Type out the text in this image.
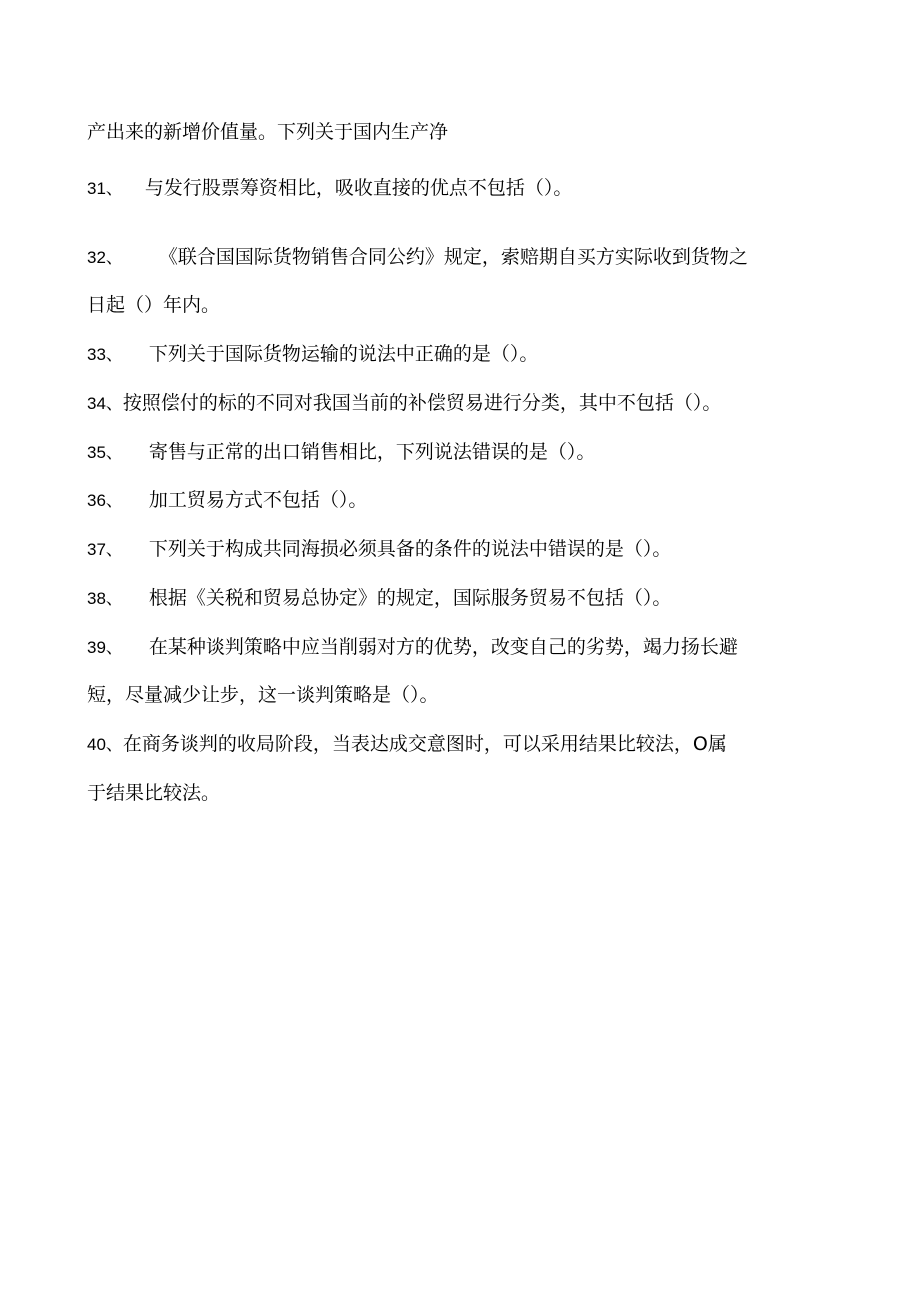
产出来的新增价值量。下列关于国内生产净
31、 与发行股票筹资相比，吸收直接的优点不包括（）。
32、 《联合国国际货物销售合同公约》规定，索赔期自买方实际收到货物之
日起（）年内。
33、 下列关于国际货物运输的说法中正确的是（）。
34、按照偿付的标的不同对我国当前的补偿贸易进行分类，其中不包括（）。
35、 寄售与正常的出口销售相比，下列说法错误的是（）。
36、 加工贸易方式不包括（）。
37、 下列关于构成共同海损必须具备的条件的说法中错误的是（）。
38、 根据《关税和贸易总协定》的规定，国际服务贸易不包括（）。
39、 在某种谈判策略中应当削弱对方的优势，改变自己的劣势，竭力扬长避
短，尽量减少让步，这一谈判策略是（）。
40、在商务谈判的收局阶段，当表达成交意图时，可以采用结果比较法，O属
于结果比较法。
